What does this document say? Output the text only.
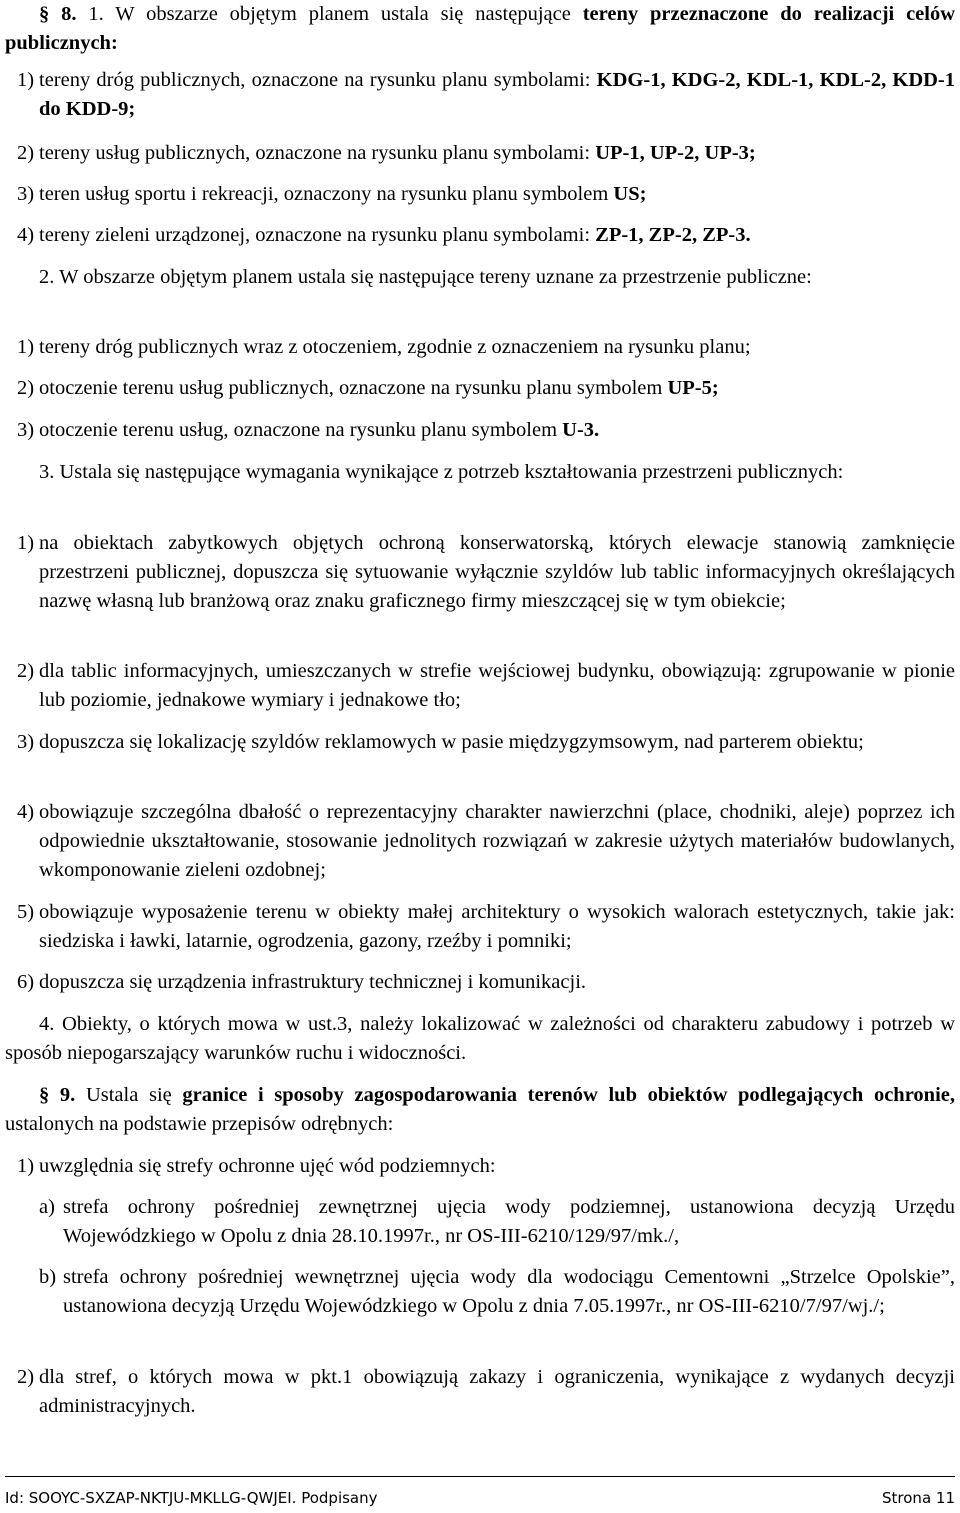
§ 8. 1. W obszarze objętym planem ustala się następujące tereny przeznaczone do realizacji celów publicznych:

1) tereny dróg publicznych, oznaczone na rysunku planu symbolami: KDG-1, KDG-2, KDL-1, KDL-2, KDD-1 do KDD-9;

2) tereny usług publicznych, oznaczone na rysunku planu symbolami: UP-1, UP-2, UP-3;

3) teren usług sportu i rekreacji, oznaczony na rysunku planu symbolem US;

4) tereny zieleni urządzonej, oznaczone na rysunku planu symbolami: ZP-1, ZP-2, ZP-3.

2. W obszarze objętym planem ustala się następujące tereny uznane za przestrzenie publiczne:

1) tereny dróg publicznych wraz z otoczeniem, zgodnie z oznaczeniem na rysunku planu;

2) otoczenie terenu usług publicznych, oznaczone na rysunku planu symbolem UP-5;

3) otoczenie terenu usług, oznaczone na rysunku planu symbolem U-3.

3. Ustala się następujące wymagania wynikające z potrzeb kształtowania przestrzeni publicznych:

1) na obiektach zabytkowych objętych ochroną konserwatorską, których elewacje stanowią zamknięcie przestrzeni publicznej, dopuszcza się sytuowanie wyłącznie szyldów lub tablic informacyjnych określających nazwę własną lub branżową oraz znaku graficznego firmy mieszczącej się w tym obiekcie;

2) dla tablic informacyjnych, umieszczanych w strefie wejściowej budynku, obowiązują: zgrupowanie w pionie lub poziomie, jednakowe wymiary i jednakowe tło;

3) dopuszcza się lokalizację szyldów reklamowych w pasie międzygzymsowym, nad parterem obiektu;

4) obowiązuje szczególna dbałość o reprezentacyjny charakter nawierzchni (place, chodniki, aleje) poprzez ich odpowiednie ukształtowanie, stosowanie jednolitych rozwiązań w zakresie użytych materiałów budowlanych, wkomponowanie zieleni ozdobnej;

5) obowiązuje wyposażenie terenu w obiekty małej architektury o wysokich walorach estetycznych, takie jak: siedziska i ławki, latarnie, ogrodzenia, gazony, rzeźby i pomniki;

6) dopuszcza się urządzenia infrastruktury technicznej i komunikacji.

4. Obiekty, o których mowa w ust.3, należy lokalizować w zależności od charakteru zabudowy i potrzeb w sposób niepogarszający warunków ruchu i widoczności.

§ 9. Ustala się granice i sposoby zagospodarowania terenów lub obiektów podlegających ochronie, ustalonych na podstawie przepisów odrębnych:

1) uwzględnia się strefy ochronne ujęć wód podziemnych:

a) strefa ochrony pośredniej zewnętrznej ujęcia wody podziemnej, ustanowiona decyzją Urzędu Wojewódzkiego w Opolu z dnia 28.10.1997r., nr OS-III-6210/129/97/mk./,

b) strefa ochrony pośredniej wewnętrznej ujęcia wody dla wodociągu Cementowni „Strzelce Opolskie”, ustanowiona decyzją Urzędu Wojewódzkiego w Opolu z dnia 7.05.1997r., nr OS-III-6210/7/97/wj./;

2) dla stref, o których mowa w pkt.1 obowiązują zakazy i ograniczenia, wynikające z wydanych decyzji administracyjnych.

Id: SOOYC-SXZAP-NKTJU-MKLLG-QWJEI. Podpisany	Strona 11
